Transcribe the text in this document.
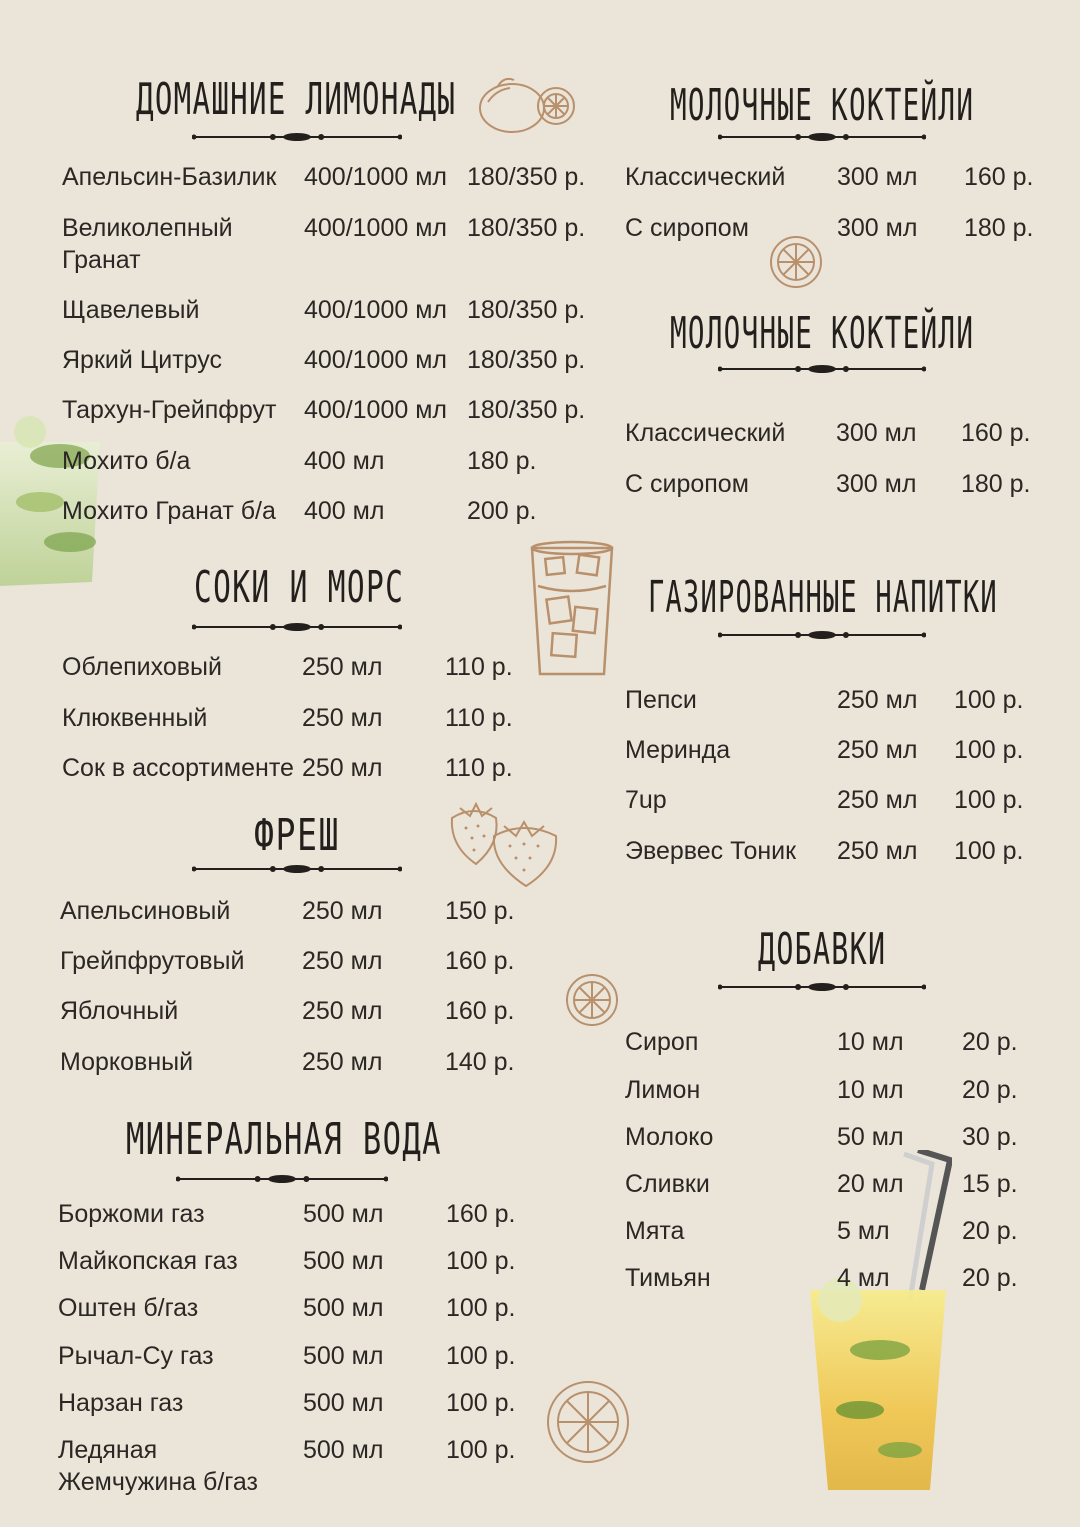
ДОМАШНИЕ ЛИМОНАДЫ
Апельсин-Базилик 400/1000 мл 180/350 р.
Великолепный	400/1000 мл 180/350 р.
Гранат
Щавелевый	400/1000 мл 180/350 р.
Яркий Цитрус	400/1000 мл 180/350 р.
Тархун-Грейпфрут 400/1000 мл 180/350 р.
Мохито б/а	400 мл	180 р.
Мохито Гранат б/а 400 мл	200 р.
СОКИ И МОРС
Облепиховый	250 мл	110 р.
Клюквенный	250 мл	110 р.
Сок в ассортименте 250 мл	110 р.
ФРЕШ
Апельсиновый	250 мл	150 р.
Грейпфрутовый 250 мл	160 р.
Яблочный	250 мл	160 р.
Морковный	250 мл	140 р.
МИНЕРАЛЬНАЯ ВОДА
Боржоми газ	500 мл	160 р.
Майкопская газ	500 мл	100 р.
Оштен б/газ	500 мл	100 р.
Рычал-Су газ	500 мл	100 р.
Нарзан газ	500 мл	100 р.
Ледяная	500 мл	100 р.
Жемчужина б/газ
МОЛОЧНЫЕ КОКТЕЙЛИ
Классический 300 мл 160 р.
С сиропом	300 мл 180 р.
МОЛОЧНЫЕ КОКТЕЙЛИ
Классический 300 мл 160 р.
С сиропом	300 мл 180 р.
ГАЗИРОВАННЫЕ НАПИТКИ
Пепси	250 мл 100 р.
Меринда	250 мл 100 р.
7up	250 мл 100 р.
Эвервес Тоник 250 мл 100 р.
ДОБАВКИ
Сироп	10 мл 20 р.
Лимон	10 мл 20 р.
Молоко	50 мл 30 р.
Сливки	20 мл 15 р.
Мята	5 мл	20 р.
Тимьян	4 мл	20 р.
